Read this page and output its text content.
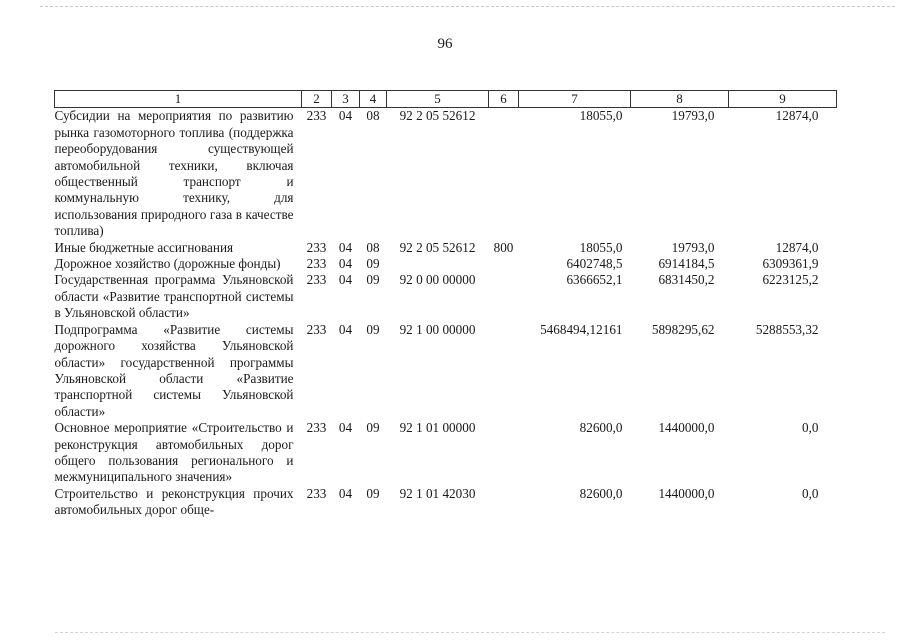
96
1	2	3	4	5	6	7	8	9
Субсидии на мероприятия по развитию рынка газомоторного топлива (поддержка переоборудования существующей автомобильной техники, включая общественный транспорт и коммунальную технику, для использования природного газа в качестве топлива)	233	04	08	92 2 05 52612		18055,0	19793,0	12874,0
Иные бюджетные ассигнования	233	04	08	92 2 05 52612	800	18055,0	19793,0	12874,0
Дорожное хозяйство (дорожные фонды)	233	04	09			6402748,5	6914184,5	6309361,9
Государственная программа Ульяновской области «Развитие транспортной системы в Ульяновской области»	233	04	09	92 0 00 00000		6366652,1	6831450,2	6223125,2
Подпрограмма «Развитие системы дорожного хозяйства Ульяновской области» государственной программы Ульяновской области «Развитие транспортной системы Ульяновской области»	233	04	09	92 1 00 00000		5468494,12161	5898295,62	5288553,32
Основное мероприятие «Строительство и реконструкция автомобильных дорог общего пользования регионального и межмуниципального значения»	233	04	09	92 1 01 00000		82600,0	1440000,0	0,0
Строительство и реконструкция прочих автомобильных дорог обще-	233	04	09	92 1 01 42030		82600,0	1440000,0	0,0
